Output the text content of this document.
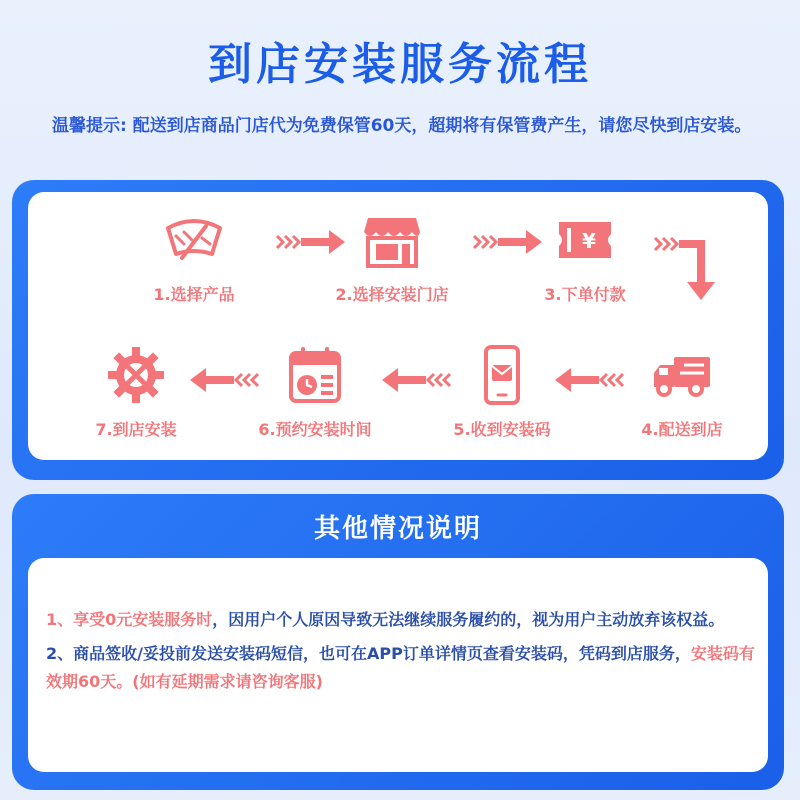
到店安装服务流程
温馨提示: 配送到店商品门店代为免费保管60天，超期将有保管费产生，请您尽快到店安装。
1.选择产品	2.选择安装门店
¥
3.下单付款
4.配送到店
5.收到安装码
6.预约安装时间
7.到店安装
其他情况说明

1、享受0元安装服务时，因用户个人原因导致无法继续服务履约的，视为用户主动放弃该权益。

2、商品签收/妥投前发送安装码短信，也可在APP订单详情页查看安装码，凭码到店服务，安装码有效期60天。(如有延期需求请咨询客服)
